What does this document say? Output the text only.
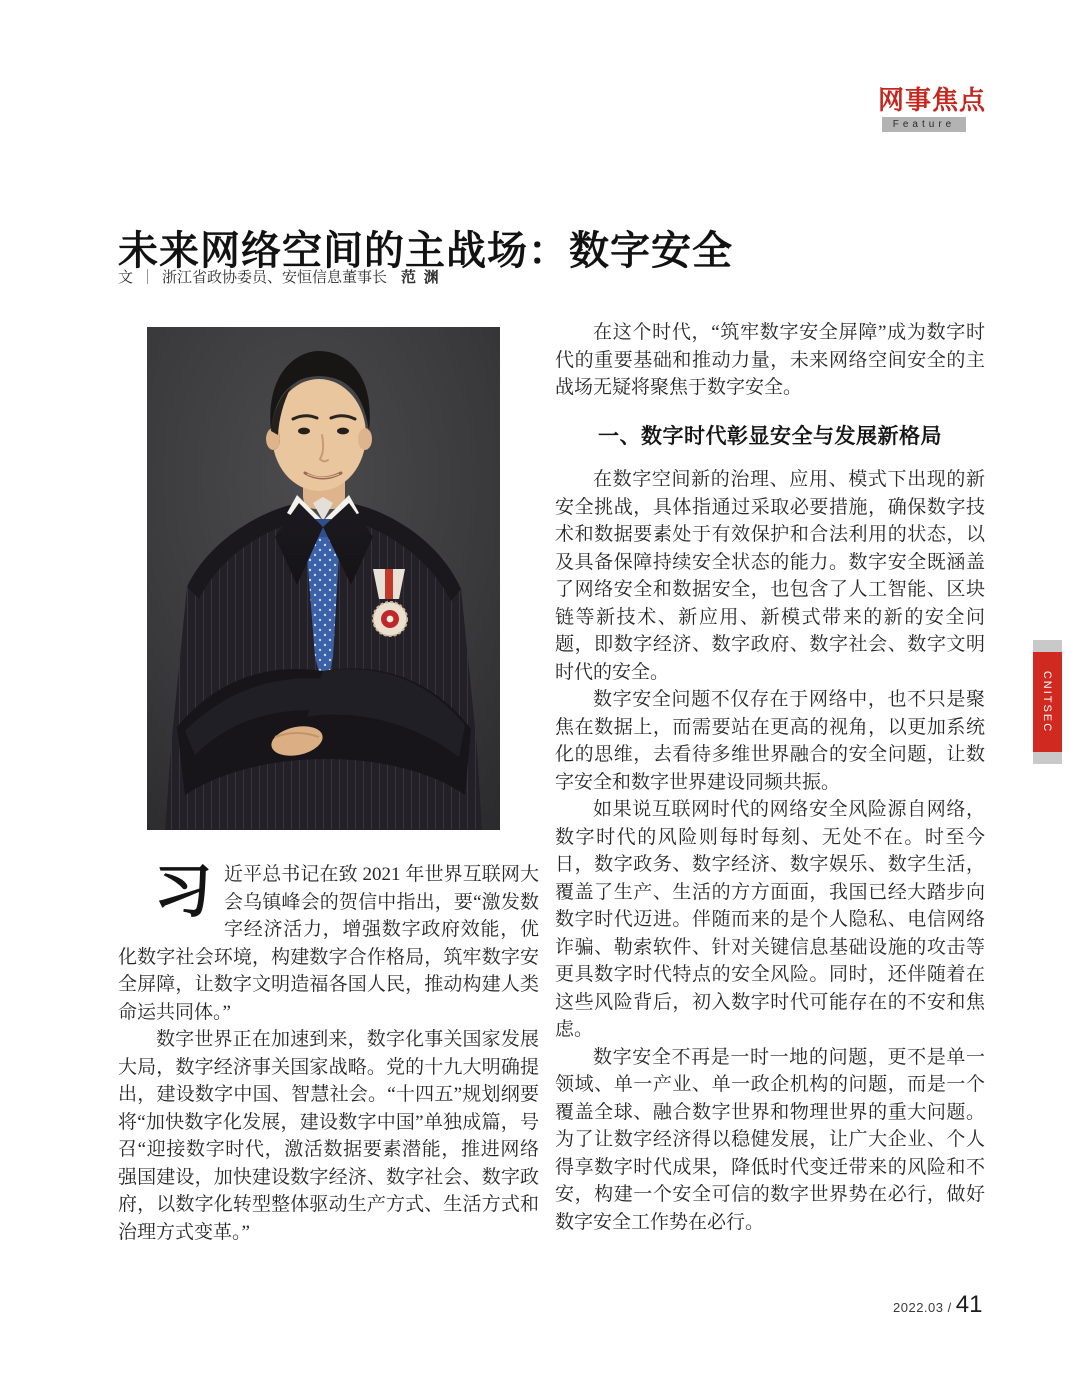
网事焦点
Feature
未来网络空间的主战场：数字安全
文 ｜ 浙江省政协委员、安恒信息董事长 范 渊

习近平总书记在致 2021 年世界互联网大会乌镇峰会的贺信中指出，要“激发数字经济活力，增强数字政府效能，优化数字社会环境，构建数字合作格局，筑牢数字安全屏障，让数字文明造福各国人民，推动构建人类命运共同体。”

数字世界正在加速到来，数字化事关国家发展大局，数字经济事关国家战略。党的十九大明确提出，建设数字中国、智慧社会。“十四五”规划纲要将“加快数字化发展，建设数字中国”单独成篇，号召“迎接数字时代，激活数据要素潜能，推进网络强国建设，加快建设数字经济、数字社会、数字政府，以数字化转型整体驱动生产方式、生活方式和治理方式变革。”

在这个时代，“筑牢数字安全屏障”成为数字时代的重要基础和推动力量，未来网络空间安全的主战场无疑将聚焦于数字安全。

一、数字时代彰显安全与发展新格局

在数字空间新的治理、应用、模式下出现的新安全挑战，具体指通过采取必要措施，确保数字技术和数据要素处于有效保护和合法利用的状态，以及具备保障持续安全状态的能力。数字安全既涵盖了网络安全和数据安全，也包含了人工智能、区块链等新技术、新应用、新模式带来的新的安全问题，即数字经济、数字政府、数字社会、数字文明时代的安全。

数字安全问题不仅存在于网络中，也不只是聚焦在数据上，而需要站在更高的视角，以更加系统化的思维，去看待多维世界融合的安全问题，让数字安全和数字世界建设同频共振。

如果说互联网时代的网络安全风险源自网络，数字时代的风险则每时每刻、无处不在。时至今日，数字政务、数字经济、数字娱乐、数字生活，覆盖了生产、生活的方方面面，我国已经大踏步向数字时代迈进。伴随而来的是个人隐私、电信网络诈骗、勒索软件、针对关键信息基础设施的攻击等更具数字时代特点的安全风险。同时，还伴随着在这些风险背后，初入数字时代可能存在的不安和焦虑。

数字安全不再是一时一地的问题，更不是单一领域、单一产业、单一政企机构的问题，而是一个覆盖全球、融合数字世界和物理世界的重大问题。为了让数字经济得以稳健发展，让广大企业、个人得享数字时代成果，降低时代变迁带来的风险和不安，构建一个安全可信的数字世界势在必行，做好数字安全工作势在必行。

CNITSEC
2022.03 / 41
